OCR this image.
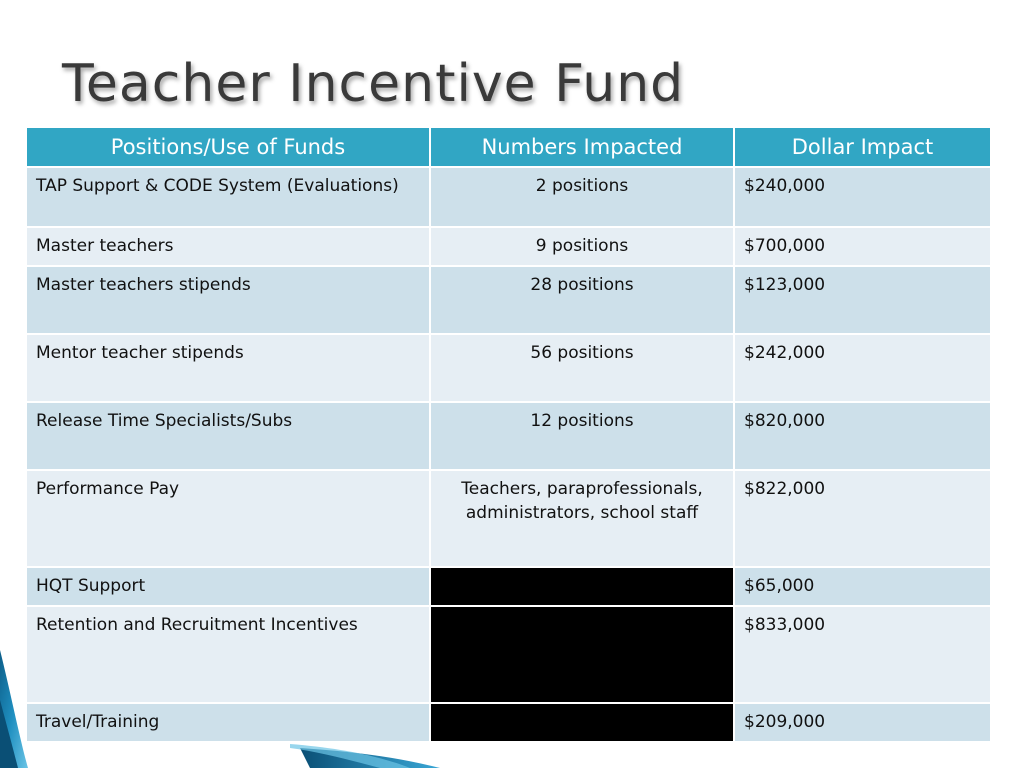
Teacher Incentive Fund
Positions/Use of Funds	Numbers Impacted	Dollar Impact
TAP Support & CODE System (Evaluations)	2 positions	$240,000
Master teachers	9 positions	$700,000
Master teachers stipends	28 positions	$123,000
Mentor teacher stipends	56 positions	$242,000
Release Time Specialists/Subs	12 positions	$820,000
Performance Pay	Teachers, paraprofessionals, administrators, school staff	$822,000
HQT Support		$65,000
Retention and Recruitment Incentives		$833,000
Travel/Training		$209,000
